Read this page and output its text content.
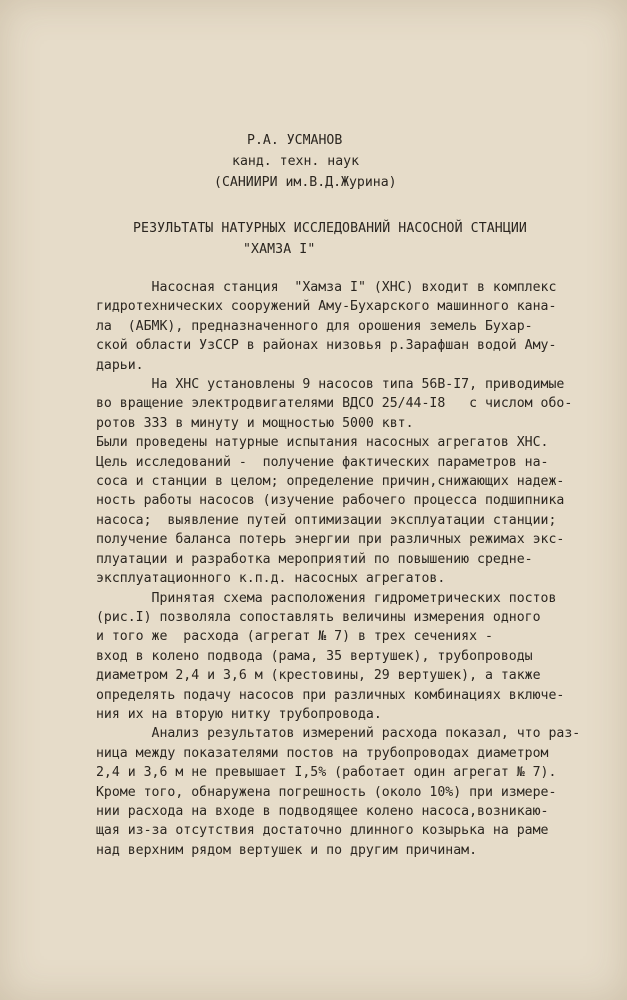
Р.А. УСМАНОВ
канд. техн. наук
(САНИИРИ им.В.Д.Журина)
РЕЗУЛЬТАТЫ НАТУРНЫХ ИССЛЕДОВАНИЙ НАСОСНОЙ СТАНЦИИ
"ХАМЗА I"

Насосная станция  "Хамза I" (ХНС) входит в комплекс
гидротехнических сооружений Аму-Бухарского машинного кана-
ла  (АБМК), предназначенного для орошения земель Бухар-
ской области УзССР в районах низовья р.Зарафшан водой Аму-
дарьи.

На ХНС установлены 9 насосов типа 56В-I7, приводимые
во вращение электродвигателями ВДСО 25/44-I8   с числом обо-
ротов 333 в минуту и мощностью 5000 квт.

Были проведены натурные испытания насосных агрегатов ХНС.
Цель исследований -  получение фактических параметров на-
соса и станции в целом; определение причин,снижающих надеж-
ность работы насосов (изучение рабочего процесса подшипника
насоса;  выявление путей оптимизации эксплуатации станции;
получение баланса потерь энергии при различных режимах экс-
плуатации и разработка мероприятий по повышению средне-
эксплуатационного к.п.д. насосных агрегатов.

Принятая схема расположения гидрометрических постов
(рис.I) позволяла сопоставлять величины измерения одного
и того же  расхода (агрегат № 7) в трех сечениях -
вход в колено подвода (рама, 35 вертушек), трубопроводы
диаметром 2,4 и 3,6 м (крестовины, 29 вертушек), а также
определять подачу насосов при различных комбинациях включе-
ния их на вторую нитку трубопровода.

Анализ результатов измерений расхода показал, что раз-
ница между показателями постов на трубопроводах диаметром
2,4 и 3,6 м не превышает I,5% (работает один агрегат № 7).
Кроме того, обнаружена погрешность (около 10%) при измере-
нии расхода на входе в подводящее колено насоса,возникаю-
щая из-за отсутствия достаточно длинного козырька на раме
над верхним рядом вертушек и по другим причинам.
